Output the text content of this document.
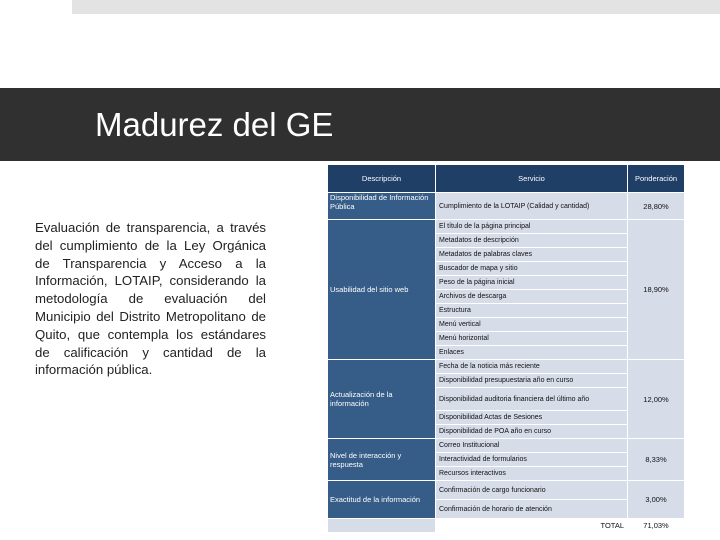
Madurez del GE
Evaluación de transparencia, a través del cumplimiento de la Ley Orgánica de Transparencia y Acceso a la Información, LOTAIP, considerando la metodología de evaluación del Municipio del Distrito Metropolitano de Quito, que contempla los estándares de calificación y cantidad de la información pública.
Descripción	Servicio	Ponderación
Disponibilidad de Información Pública	Cumplimiento de la LOTAIP (Calidad y cantidad)	28,80%
Usabilidad del sitio web	El título de la página principal	18,90%
	Metadatos de descripción	
	Metadatos de palabras claves	
	Buscador de mapa y sitio	
	Peso de la página inicial	
	Archivos de descarga	
	Estructura	
	Menú vertical	
	Menú horizontal	
	Enlaces	
Actualización de la información	Fecha de la noticia más reciente	12,00%
	Disponibilidad presupuestaria año en curso	
	Disponibilidad auditoria financiera del último año	
	Disponibilidad Actas de Sesiones	
	Disponibilidad de POA año en curso	
Nivel de interacción y respuesta	Correo Institucional	8,33%
	Interactividad de formularios	
	Recursos interactivos	
Exactitud de la información	Confirmación de cargo funcionario	3,00%
	Confirmación de horario de atención	
	TOTAL	71,03%
